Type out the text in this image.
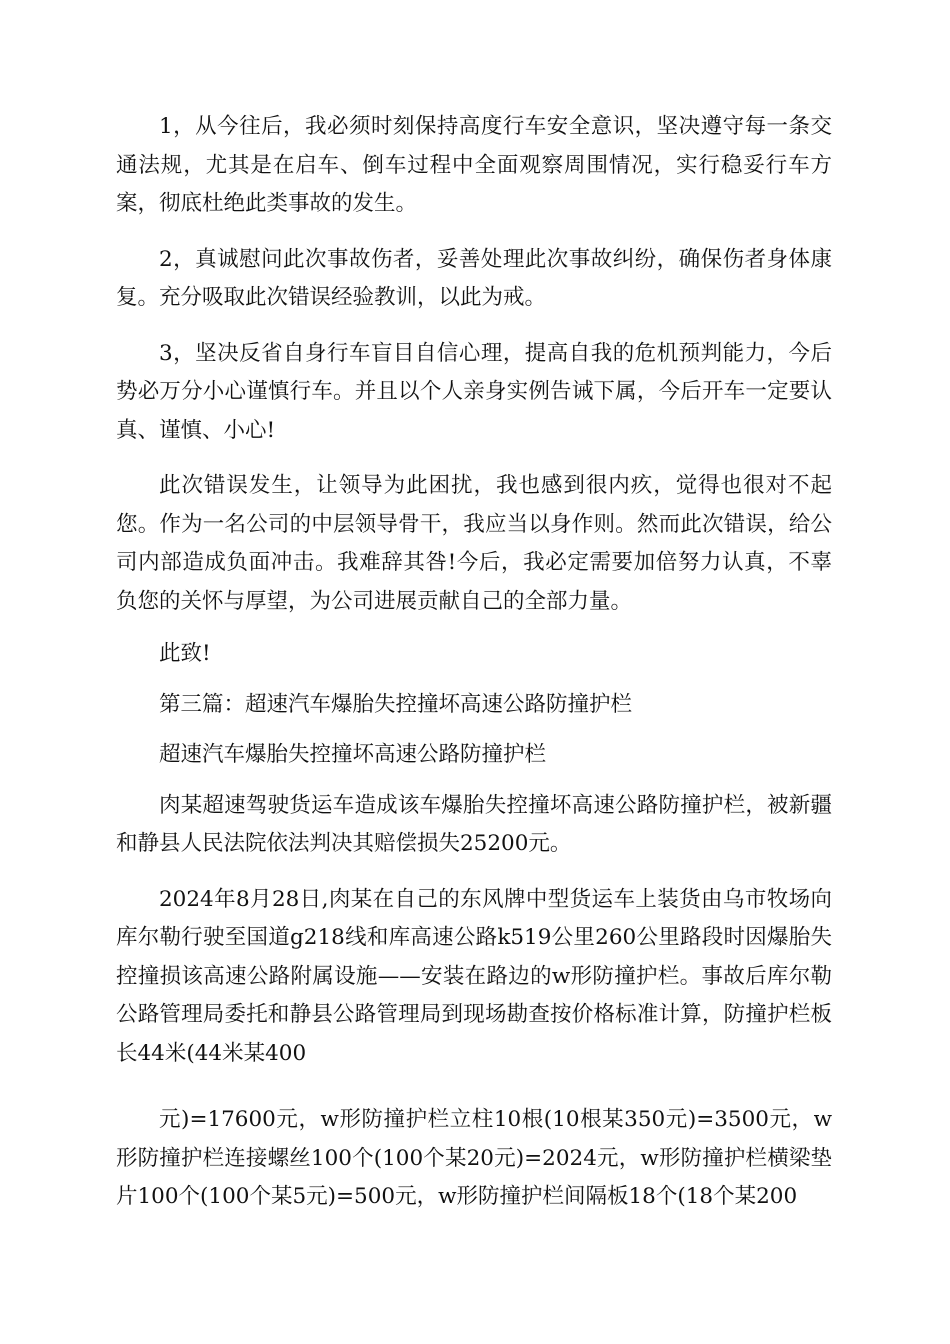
1，从今往后，我必须时刻保持高度行车安全意识，坚决遵守每一条交通法规，尤其是在启车、倒车过程中全面观察周围情况，实行稳妥行车方案，彻底杜绝此类事故的发生。

2，真诚慰问此次事故伤者，妥善处理此次事故纠纷，确保伤者身体康复。充分吸取此次错误经验教训，以此为戒。

3，坚决反省自身行车盲目自信心理，提高自我的危机预判能力，今后势必万分小心谨慎行车。并且以个人亲身实例告诫下属，今后开车一定要认真、谨慎、小心!

此次错误发生，让领导为此困扰，我也感到很内疚，觉得也很对不起您。作为一名公司的中层领导骨干，我应当以身作则。然而此次错误，给公司内部造成负面冲击。我难辞其咎!今后，我必定需要加倍努力认真，不辜负您的关怀与厚望，为公司进展贡献自己的全部力量。

此致!

第三篇：超速汽车爆胎失控撞坏高速公路防撞护栏

超速汽车爆胎失控撞坏高速公路防撞护栏

肉某超速驾驶货运车造成该车爆胎失控撞坏高速公路防撞护栏，被新疆和静县人民法院依法判决其赔偿损失25200元。

2024年8月28日,肉某在自己的东风牌中型货运车上装货由乌市牧场向库尔勒行驶至国道g218线和库高速公路k519公里260公里路段时因爆胎失控撞损该高速公路附属设施——安装在路边的w形防撞护栏。事故后库尔勒公路管理局委托和静县公路管理局到现场勘查按价格标准计算，防撞护栏板长44米(44米某400

元)=17600元，w形防撞护栏立柱10根(10根某350元)=3500元，w形防撞护栏连接螺丝100个(100个某20元)=2024元，w形防撞护栏横梁垫片100个(100个某5元)=500元，w形防撞护栏间隔板18个(18个某200
